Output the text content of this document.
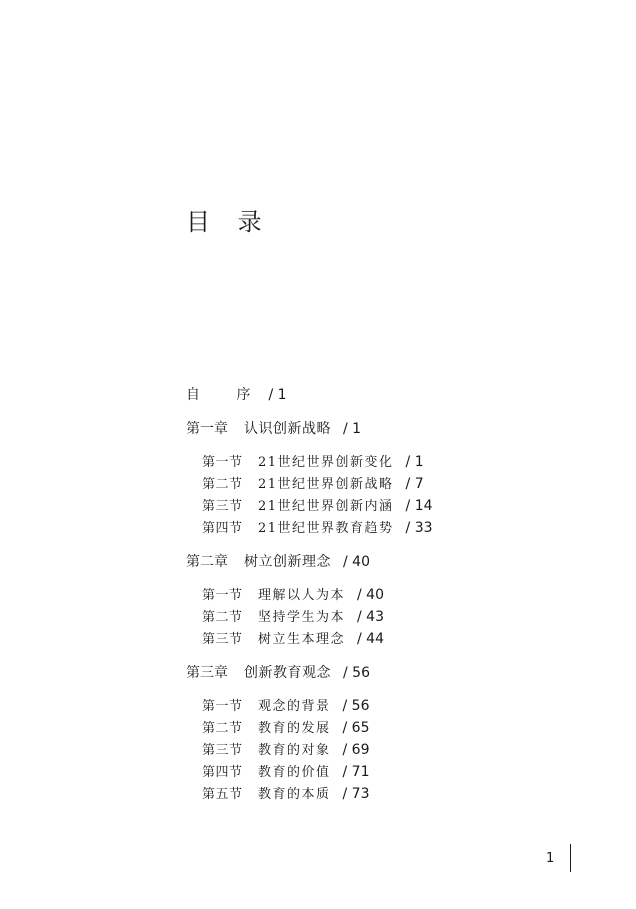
目 录
自 序 / 1
第一章	认识创新战略 / 1
第一节	21世纪世界创新变化 / 1
第二节	21世纪世界创新战略 / 7
第三节	21世纪世界创新内涵 / 14
第四节	21世纪世界教育趋势 / 33
第二章	树立创新理念 / 40
第一节	理解以人为本 / 40
第二节	坚持学生为本 / 43
第三节	树立生本理念 / 44
第三章	创新教育观念 / 56
第一节	观念的背景 / 56
第二节	教育的发展 / 65
第三节	教育的对象 / 69
第四节	教育的价值 / 71
第五节	教育的本质 / 73
1
